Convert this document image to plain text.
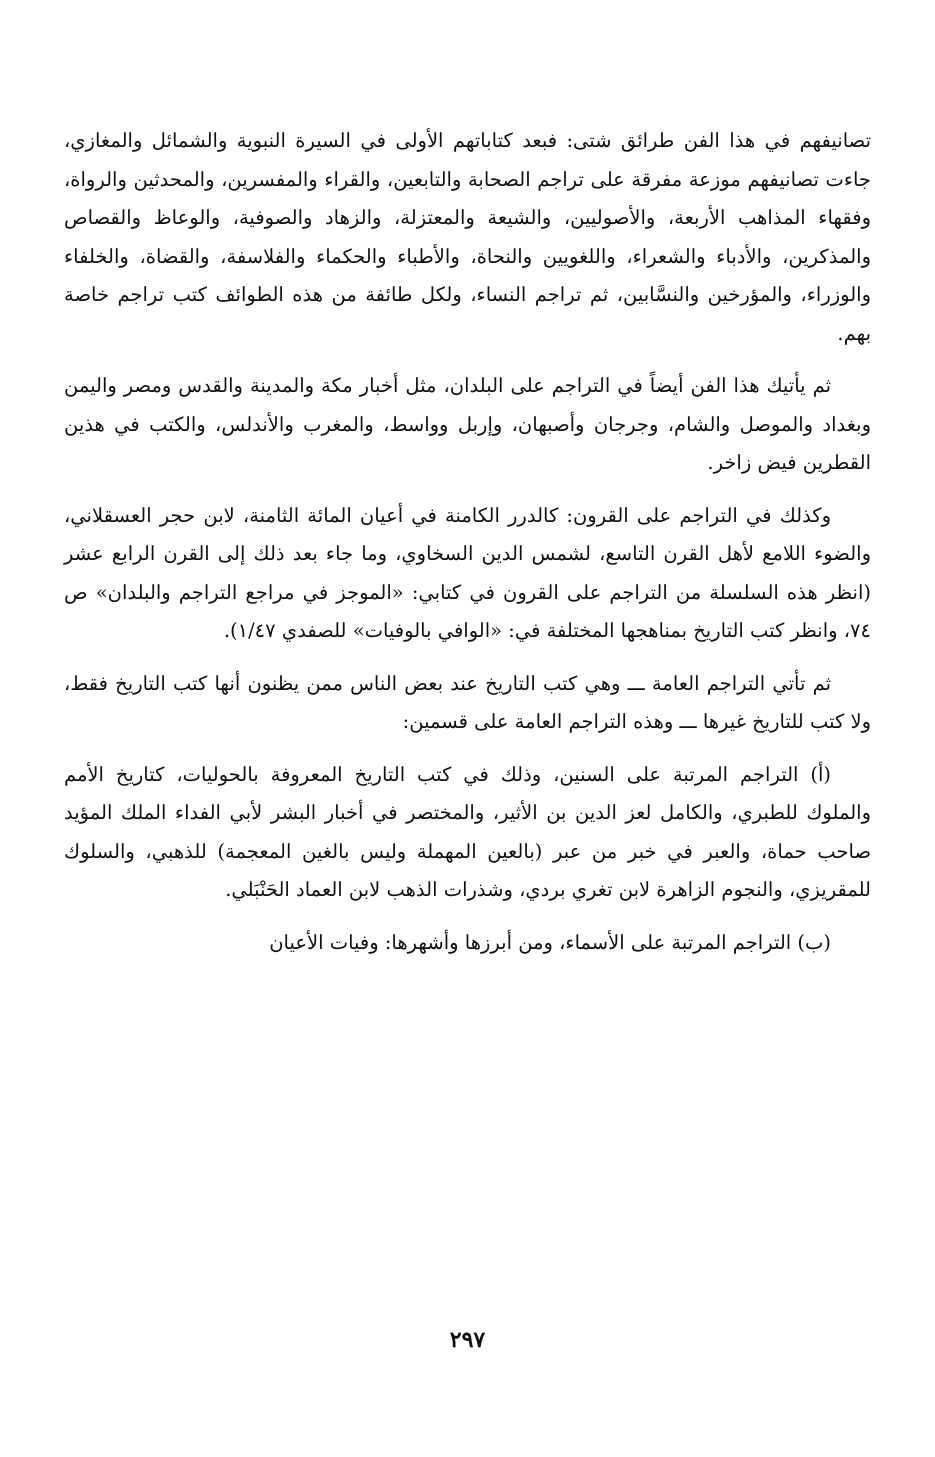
تصانيفهم في هذا الفن طرائق شتى: فبعد كتاباتهم الأولى في السيرة النبوية والشمائل والمغازي، جاءت تصانيفهم موزعة مفرقة على تراجم الصحابة والتابعين، والقراء والمفسرين، والمحدثين والرواة، وفقهاء المذاهب الأربعة، والأصوليين، والشيعة والمعتزلة، والزهاد والصوفية، والوعاظ والقصاص والمذكرين، والأدباء والشعراء، واللغويين والنحاة، والأطباء والحكماء والفلاسفة، والقضاة، والخلفاء والوزراء، والمؤرخين والنسَّابين، ثم تراجم النساء، ولكل طائفة من هذه الطوائف كتب تراجم خاصة بهم.

ثم يأتيك هذا الفن أيضاً في التراجم على البلدان، مثل أخبار مكة والمدينة والقدس ومصر واليمن وبغداد والموصل والشام، وجرجان وأصبهان، وإربل وواسط، والمغرب والأندلس، والكتب في هذين القطرين فيض زاخر.

وكذلك في التراجم على القرون: كالدرر الكامنة في أعيان المائة الثامنة، لابن حجر العسقلاني، والضوء اللامع لأهل القرن التاسع، لشمس الدين السخاوي، وما جاء بعد ذلك إلى القرن الرابع عشر (انظر هذه السلسلة من التراجم على القرون في كتابي: «الموجز في مراجع التراجم والبلدان» ص ٧٤، وانظر كتب التاريخ بمناهجها المختلفة في: «الوافي بالوفيات» للصفدي ١/٤٧).

ثم تأتي التراجم العامة ـــ وهي كتب التاريخ عند بعض الناس ممن يظنون أنها كتب التاريخ فقط، ولا كتب للتاريخ غيرها ـــ وهذه التراجم العامة على قسمين:

(أ) التراجم المرتبة على السنين، وذلك في كتب التاريخ المعروفة بالحوليات، كتاريخ الأمم والملوك للطبري، والكامل لعز الدين بن الأثير، والمختصر في أخبار البشر لأبي الفداء الملك المؤيد صاحب حماة، والعبر في خبر من عبر (بالعين المهملة وليس بالغين المعجمة) للذهبي، والسلوك للمقريزي، والنجوم الزاهرة لابن تغري بردي، وشذرات الذهب لابن العماد الحَنْبَلي.

(ب) التراجم المرتبة على الأسماء، ومن أبرزها وأشهرها: وفيات الأعيان

٢٩٧
